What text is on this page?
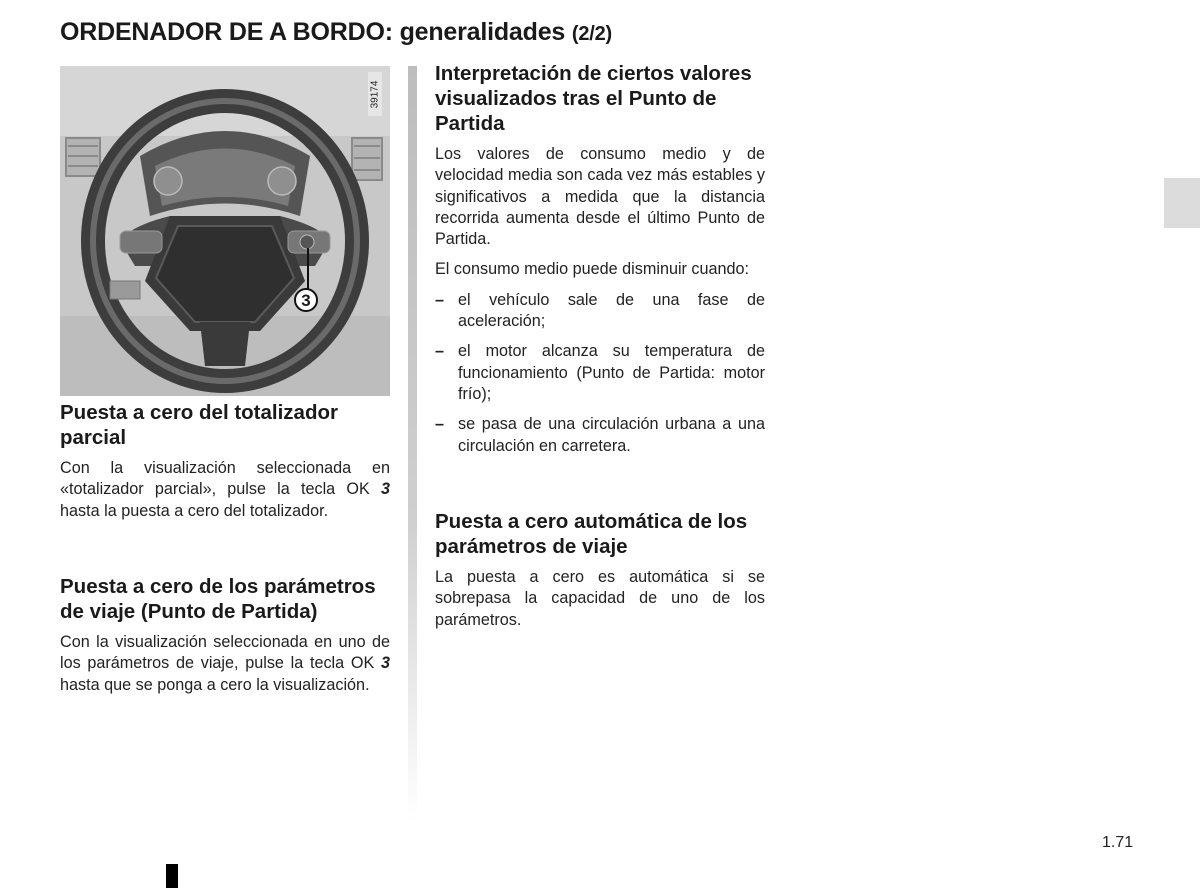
ORDENADOR DE A BORDO: generalidades (2/2)
39174
3
Puesta a cero del totalizador parcial

Con la visualización seleccionada en «totalizador parcial», pulse la tecla OK 3 hasta la puesta a cero del totalizador.

Puesta a cero de los parámetros de viaje (Punto de Partida)

Con la visualización seleccionada en uno de los parámetros de viaje, pulse la tecla OK 3 hasta que se ponga a cero la visualización.

Interpretación de ciertos valores visualizados tras el Punto de Partida

Los valores de consumo medio y de velocidad media son cada vez más estables y significativos a medida que la distancia recorrida aumenta desde el último Punto de Partida.

El consumo medio puede disminuir cuando:

– el vehículo sale de una fase de aceleración;
– el motor alcanza su temperatura de funcionamiento (Punto de Partida: motor frío);
– se pasa de una circulación urbana a una circulación en carretera.
Puesta a cero automática de los parámetros de viaje

La puesta a cero es automática si se sobrepasa la capacidad de uno de los parámetros.

1.71
